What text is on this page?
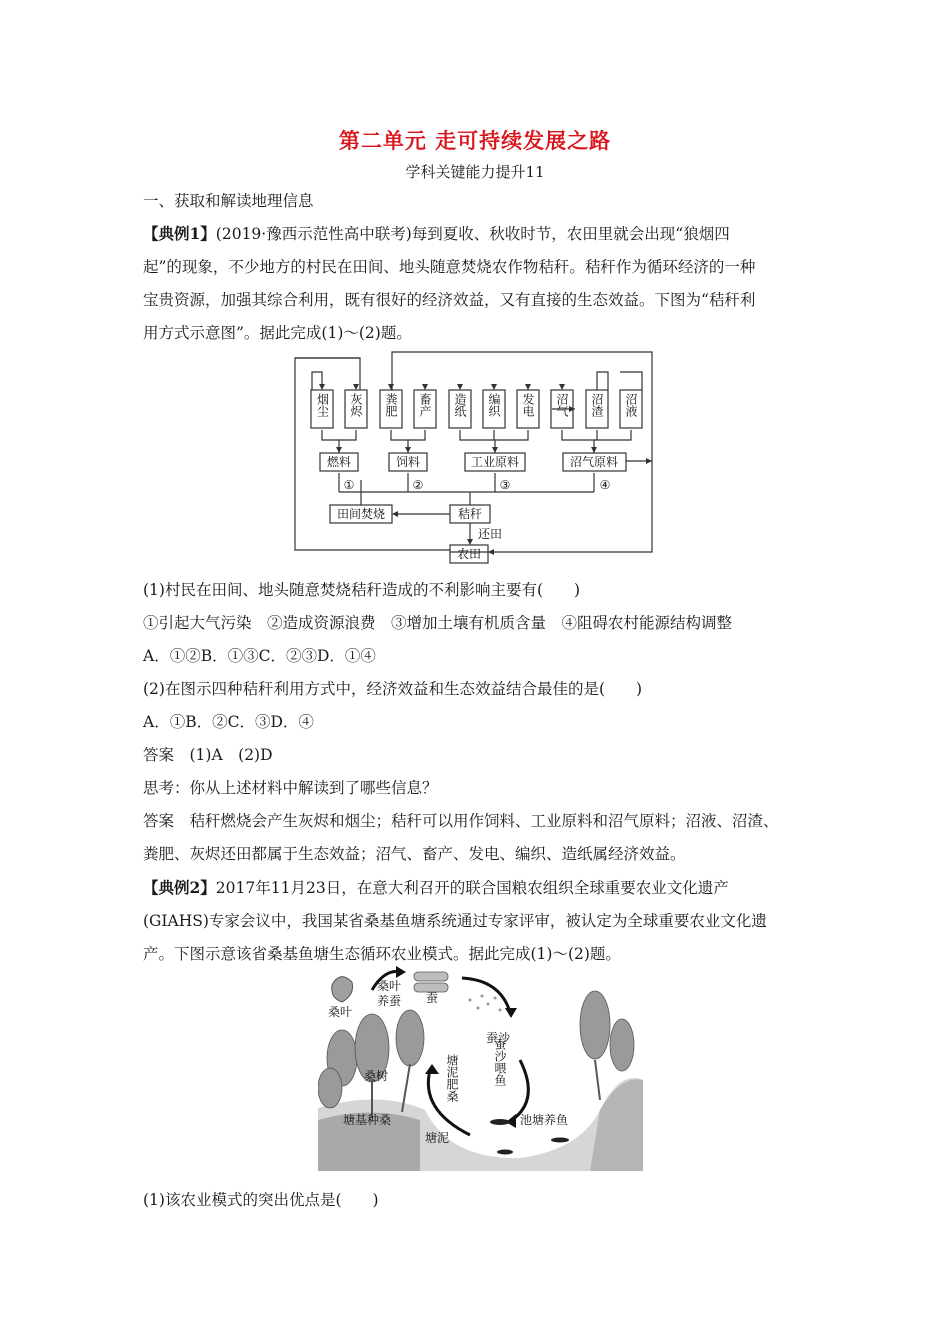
第二单元 走可持续发展之路
学科关键能力提升11
一、获取和解读地理信息
【典例1】(2019·豫西示范性高中联考)每到夏收、秋收时节，农田里就会出现“狼烟四
起”的现象，不少地方的村民在田间、地头随意焚烧农作物秸秆。秸秆作为循环经济的一种
宝贵资源，加强其综合利用，既有很好的经济效益，又有直接的生态效益。下图为“秸秆利
用方式示意图”。据此完成(1)～(2)题。
烟尘 灰烬 粪肥 畜产 造纸 编织 发电 沼气 沼渣 沼液
燃料	饲料	工业原料	沼气原料
①	②	③	④
田间焚烧	秸秆
还田
农田
(1)村民在田间、地头随意焚烧秸秆造成的不利影响主要有(　　)
①引起大气污染　②造成资源浪费　③增加土壤有机质含量　④阻碍农村能源结构调整
A．①②B．①③C．②③D．①④
(2)在图示四种秸秆利用方式中，经济效益和生态效益结合最佳的是(　　)
A．①B．②C．③D．④
答案　(1)A　(2)D
思考：你从上述材料中解读到了哪些信息？
答案　秸秆燃烧会产生灰烬和烟尘；秸秆可以用作饲料、工业原料和沼气原料；沼液、沼渣、
粪肥、灰烬还田都属于生态效益；沼气、畜产、发电、编织、造纸属经济效益。
【典例2】2017年11月23日，在意大利召开的联合国粮农组织全球重要农业文化遗产
(GIAHS)专家会议中，我国某省桑基鱼塘系统通过专家评审，被认定为全球重要农业文化遗
产。下图示意该省桑基鱼塘生态循环农业模式。据此完成(1)～(2)题。
桑叶
桑叶
养蚕 蚕
蚕沙
蚕沙喂鱼
塘泥肥桑
桑树
塘基种桑
塘泥
池塘养鱼
(1)该农业模式的突出优点是(　　)
